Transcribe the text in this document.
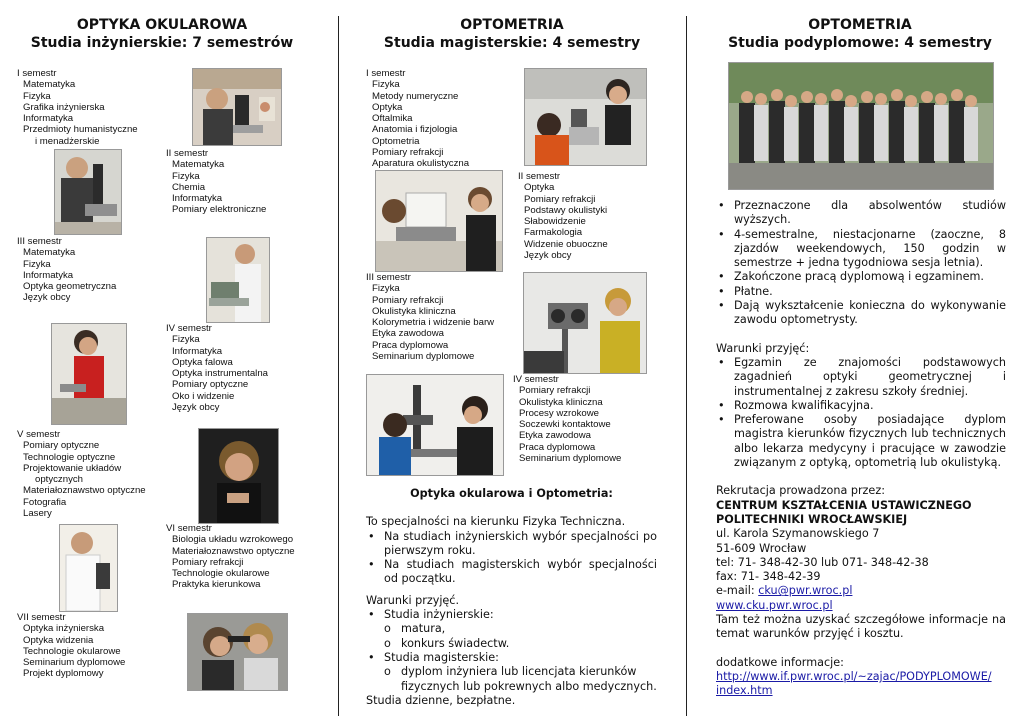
OPTYKA OKULAROWA
Studia inżynierskie: 7 semestrów
OPTOMETRIA
Studia magisterskie: 4 semestry
OPTOMETRIA
Studia podyplomowe: 4 semestry
I semestr
Matematyka
Fizyka
Grafika inżynierska
Informatyka
Przedmioty humanistyczne
i menadżerskie
II semestr
Matematyka
Fizyka
Chemia
Informatyka
Pomiary elektroniczne
III semestr
Matematyka
Fizyka
Informatyka
Optyka geometryczna
Język obcy
IV semestr
Fizyka
Informatyka
Optyka falowa
Optyka instrumentalna
Pomiary optyczne
Oko i widzenie
Język obcy
V semestr
Pomiary optyczne
Technologie optyczne
Projektowanie układów
optycznych
Materiałoznawstwo optyczne
Fotografia
Lasery
VI semestr
Biologia układu wzrokowego
Materiałoznawstwo optyczne
Pomiary refrakcji
Technologie okularowe
Praktyka kierunkowa
VII semestr
Optyka inżynierska
Optyka widzenia
Technologie okularowe
Seminarium dyplomowe
Projekt dyplomowy
I semestr
Fizyka
Metody numeryczne
Optyka
Oftalmika
Anatomia i fizjologia
Optometria
Pomiary refrakcji
Aparatura okulistyczna
II semestr
Optyka
Pomiary refrakcji
Podstawy okulistyki
Słabowidzenie
Farmakologia
Widzenie obuoczne
Język obcy
III semestr
Fizyka
Pomiary refrakcji
Okulistyka kliniczna
Kolorymetria i widzenie barw
Etyka zawodowa
Praca dyplomowa
Seminarium dyplomowe
IV semestr
Pomiary refrakcji
Okulistyka kliniczna
Procesy wzrokowe
Soczewki kontaktowe
Etyka zawodowa
Praca dyplomowa
Seminarium dyplomowe
Optyka okularowa i Optometria:
To specjalności na kierunku Fizyka Techniczna.
• Na studiach inżynierskich wybór specjalności po pierwszym roku.
• Na studiach magisterskich wybór specjalności od początku.
Warunki przyjęć.
• Studia inżynierskie:
o matura,
o konkurs świadectw.
• Studia magisterskie:
o dyplom inżyniera lub licencjata kierunków
fizycznych lub pokrewnych albo medycznych.
Studia dzienne, bezpłatne.
• Przeznaczone dla absolwentów studiów wyższych.
• 4-semestralne, niestacjonarne (zaoczne, 8 zjazdów weekendowych, 150 godzin w semestrze + jedna tygodniowa sesja letnia).
• Zakończone pracą dyplomową i egzaminem.
• Płatne.
• Dają wykształcenie konieczna do wykonywanie zawodu optometrysty.
Warunki przyjęć:
• Egzamin ze znajomości podstawowych zagadnień optyki geometrycznej i instrumentalnej z zakresu szkoły średniej.
• Rozmowa kwalifikacyjna.
• Preferowane osoby posiadające dyplom magistra kierunków fizycznych lub technicznych albo lekarza medycyny i pracujące w zawodzie związanym z optyką, optometrią lub okulistyką.
Rekrutacja prowadzona przez:
CENTRUM KSZTAŁCENIA USTAWICZNEGO
POLITECHNIKI WROCŁAWSKIEJ
ul. Karola Szymanowskiego 7
51-609 Wrocław
tel: 71- 348-42-30 lub 071- 348-42-38
fax: 71- 348-42-39
e-mail: cku@pwr.wroc.pl
www.cku.pwr.wroc.pl
Tam też można uzyskać szczegółowe informacje na temat warunków przyjęć i kosztu.
dodatkowe informacje:
http://www.if.pwr.wroc.pl/~zajac/PODYPLOMOWE/
index.htm
